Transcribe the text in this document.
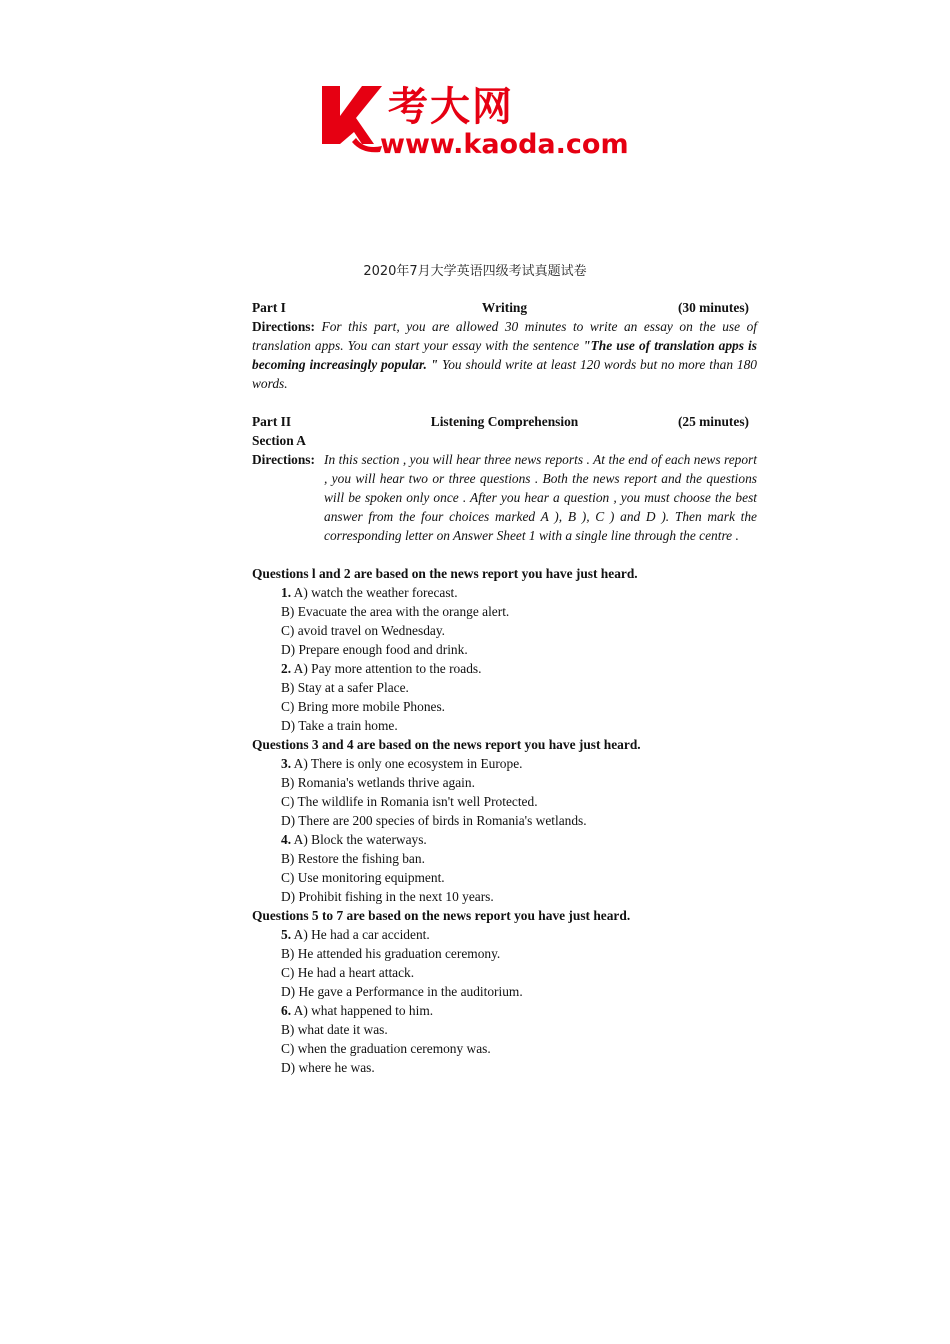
考大网
www.kaoda.com
2020年7月大学英语四级考试真题试卷
Part I	Writing	(30 minutes)
Directions: For this part, you are allowed 30 minutes to write an essay on the use of translation apps. You can start your essay with the sentence "The use of translation apps is becoming increasingly popular. " You should write at least 120 words but no more than 180 words.
Part II	Listening Comprehension	(25 minutes)
Section A
Directions: In this section , you will hear three news reports . At the end of each news report , you will hear two or three questions . Both the news report and the questions will be spoken only once . After you hear a question , you must choose the best answer from the four choices marked A ), B ), C ) and D ). Then mark the corresponding letter on Answer Sheet 1 with a single line through the centre .
Questions l and 2 are based on the news report you have just heard.
1. A) watch the weather forecast.
B) Evacuate the area with the orange alert.
C) avoid travel on Wednesday.
D) Prepare enough food and drink.
2. A) Pay more attention to the roads.
B) Stay at a safer Place.
C) Bring more mobile Phones.
D) Take a train home.
Questions 3 and 4 are based on the news report you have just heard.
3. A) There is only one ecosystem in Europe.
B) Romania's wetlands thrive again.
C) The wildlife in Romania isn't well Protected.
D) There are 200 species of birds in Romania's wetlands.
4. A) Block the waterways.
B) Restore the fishing ban.
C) Use monitoring equipment.
D) Prohibit fishing in the next 10 years.
Questions 5 to 7 are based on the news report you have just heard.
5. A) He had a car accident.
B) He attended his graduation ceremony.
C) He had a heart attack.
D) He gave a Performance in the auditorium.
6. A) what happened to him.
B) what date it was.
C) when the graduation ceremony was.
D) where he was.
